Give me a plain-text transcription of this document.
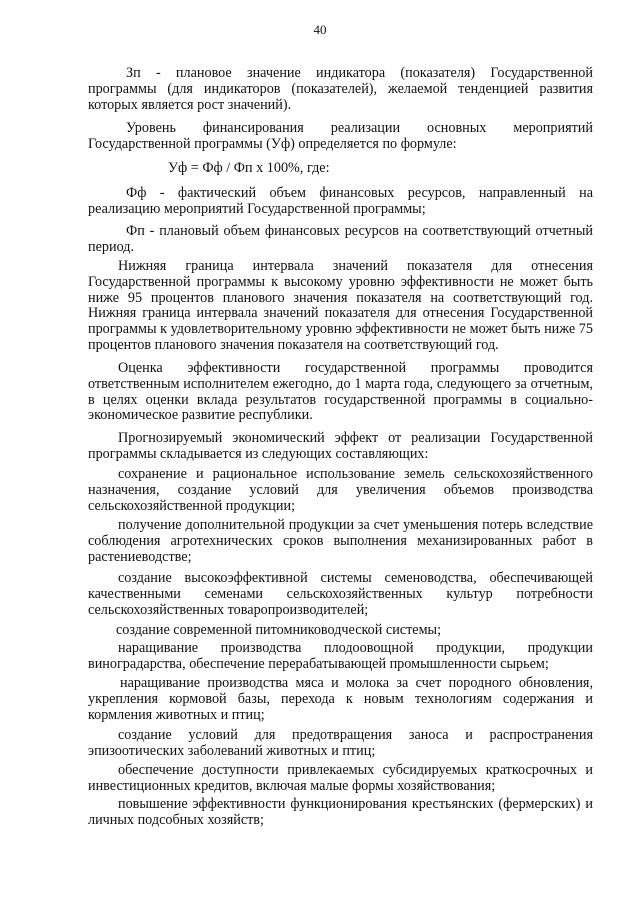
40
Зп - плановое значение индикатора (показателя) Государственной программы (для индикаторов (показателей), желаемой тенденцией развития которых является рост значений).
Уровень финансирования реализации основных мероприятий Государственной программы (Уф) определяется по формуле:
Уф = Фф / Фп х 100%, где:
Фф - фактический объем финансовых ресурсов, направленный на реализацию мероприятий Государственной программы;
Фп - плановый объем финансовых ресурсов на соответствующий отчетный период.
Нижняя граница интервала значений показателя для отнесения Государственной программы к высокому уровню эффективности не может быть ниже 95 процентов планового значения показателя на соответствующий год. Нижняя граница интервала значений показателя для отнесения Государственной программы к удовлетворительному уровню эффективности не может быть ниже 75 процентов планового значения показателя на соответствующий год.
Оценка эффективности государственной программы проводится ответственным исполнителем ежегодно, до 1 марта года, следующего за отчетным, в целях оценки вклада результатов государственной программы в социально-экономическое развитие республики.
Прогнозируемый экономический эффект от реализации Государственной программы складывается из следующих составляющих:
сохранение и рациональное использование земель сельскохозяйственного назначения, создание условий для увеличения объемов производства сельскохозяйственной продукции;
получение дополнительной продукции за счет уменьшения потерь вследствие соблюдения агротехнических сроков выполнения механизированных работ в растениеводстве;
создание высокоэффективной системы семеноводства, обеспечивающей качественными семенами сельскохозяйственных культур потребности сельскохозяйственных товаропроизводителей;
создание современной питомниководческой системы;
наращивание производства плодоовощной продукции, продукции виноградарства, обеспечение перерабатывающей промышленности сырьем;
наращивание производства мяса и молока за счет породного обновления, укрепления кормовой базы, перехода к новым технологиям содержания и кормления животных и птиц;
создание условий для предотвращения заноса и распространения эпизоотических заболеваний животных и птиц;
обеспечение доступности привлекаемых субсидируемых краткосрочных и инвестиционных кредитов, включая малые формы хозяйствования;
повышение эффективности функционирования крестьянских (фермерских) и личных подсобных хозяйств;
